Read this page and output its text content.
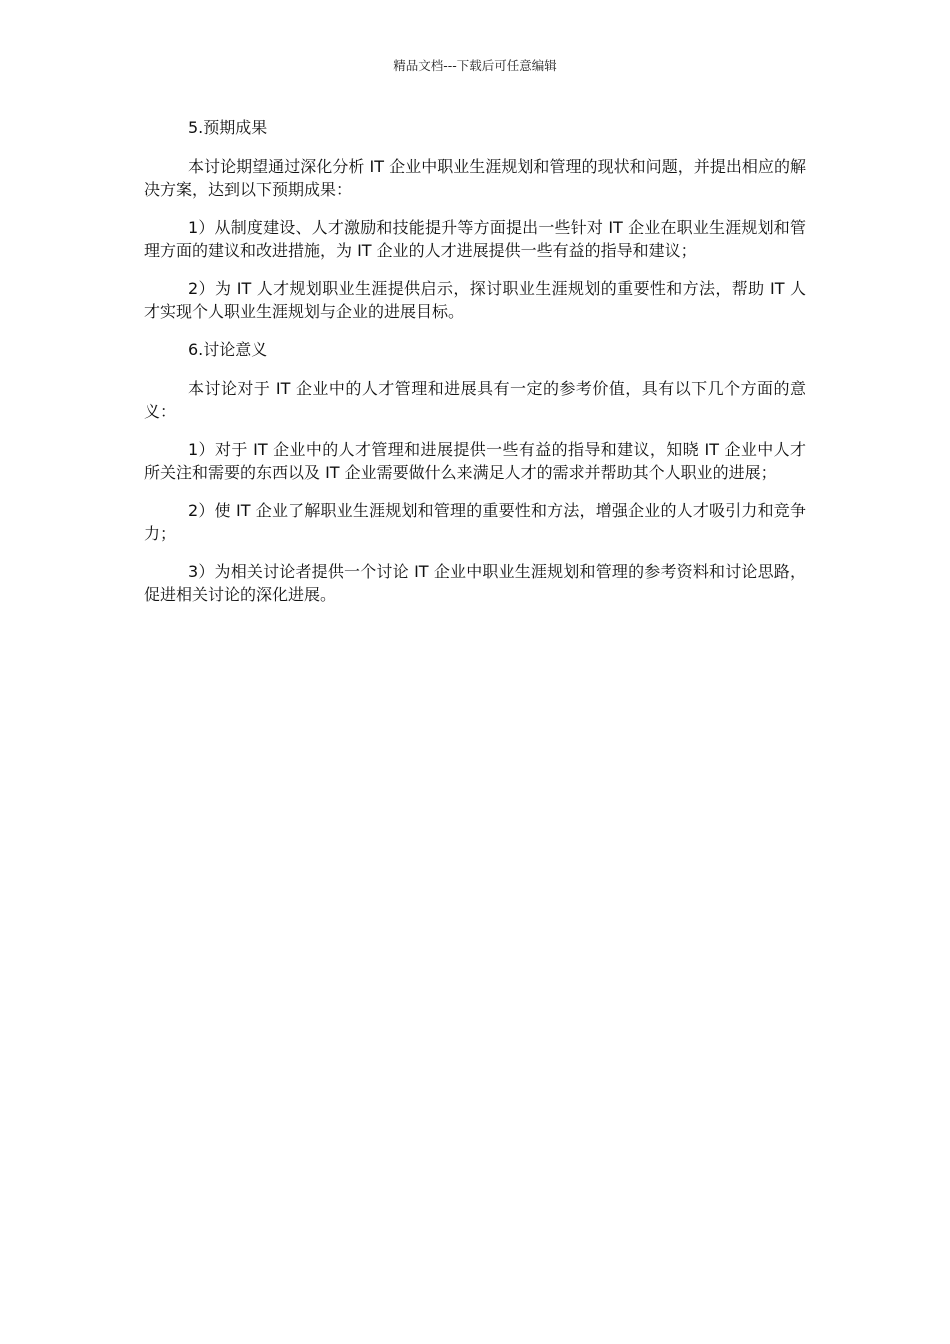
精品文档---下载后可任意编辑

5.预期成果

本讨论期望通过深化分析 IT 企业中职业生涯规划和管理的现状和问题，并提出相应的解决方案，达到以下预期成果：

1）从制度建设、人才激励和技能提升等方面提出一些针对 IT 企业在职业生涯规划和管理方面的建议和改进措施，为 IT 企业的人才进展提供一些有益的指导和建议；

2）为 IT 人才规划职业生涯提供启示，探讨职业生涯规划的重要性和方法，帮助 IT 人才实现个人职业生涯规划与企业的进展目标。

6.讨论意义

本讨论对于 IT 企业中的人才管理和进展具有一定的参考价值，具有以下几个方面的意义：

1）对于 IT 企业中的人才管理和进展提供一些有益的指导和建议，知晓 IT 企业中人才所关注和需要的东西以及 IT 企业需要做什么来满足人才的需求并帮助其个人职业的进展；

2）使 IT 企业了解职业生涯规划和管理的重要性和方法，增强企业的人才吸引力和竞争力；

3）为相关讨论者提供一个讨论 IT 企业中职业生涯规划和管理的参考资料和讨论思路，促进相关讨论的深化进展。
